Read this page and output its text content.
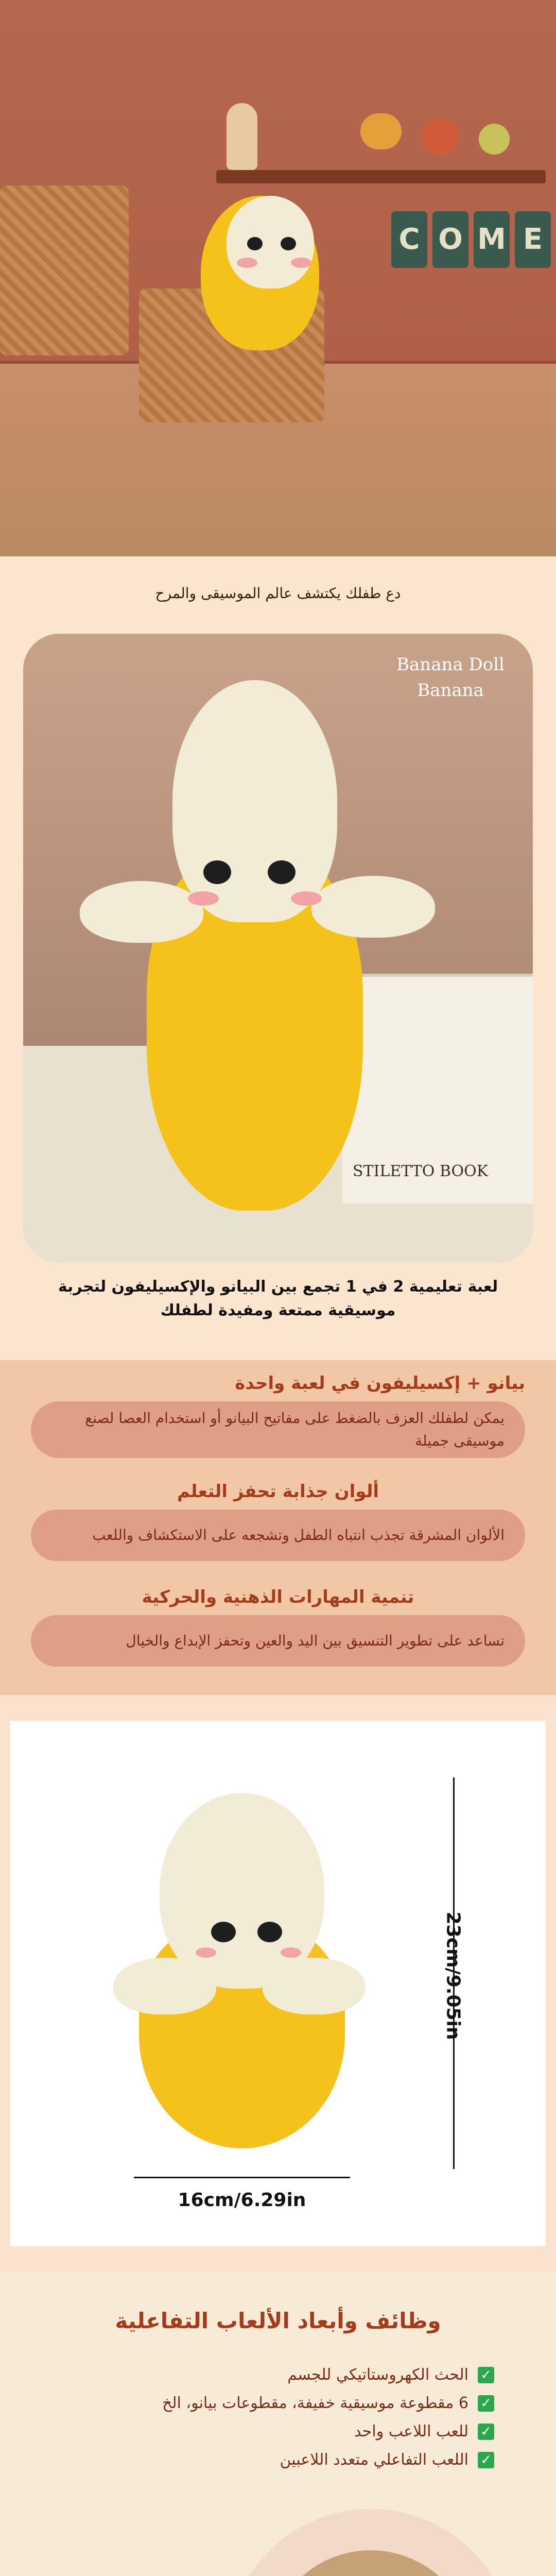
C O M E
دع طفلك يكتشف عالم الموسيقى والمرح
STILETTO BOOK
Banana Doll
Banana
لعبة تعليمية 2 في 1 تجمع بين البيانو والإكسيليفون لتجربة موسيقية ممتعة ومفيدة لطفلك
بيانو + إكسيليفون في لعبة واحدة
يمكن لطفلك العزف بالضغط على مفاتيح البيانو أو استخدام العصا لصنع موسيقى جميلة
ألوان جذابة تحفز التعلم
الألوان المشرقة تجذب انتباه الطفل وتشجعه على الاستكشاف واللعب
تنمية المهارات الذهنية والحركية
تساعد على تطوير التنسيق بين اليد والعين وتحفز الإبداع والخيال
23cm/9.05in
16cm/6.29in
وظائف وأبعاد الألعاب التفاعلية
✓
الحث الكهروستاتيكي للجسم
✓
6 مقطوعة موسيقية خفيفة، مقطوعات بيانو، الخ
✓
للعب اللاعب واحد
✓
اللعب التفاعلي متعدد اللاعبين
